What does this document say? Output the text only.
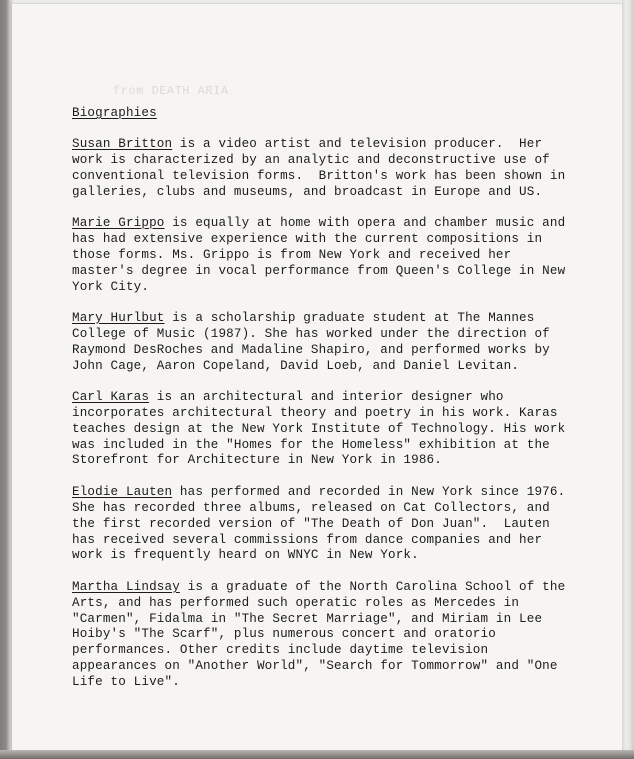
from DEATH ARIA
Biographies
Susan Britton is a video artist and television producer.  Her
work is characterized by an analytic and deconstructive use of
conventional television forms.  Britton's work has been shown in
galleries, clubs and museums, and broadcast in Europe and US.
Marie Grippo is equally at home with opera and chamber music and
has had extensive experience with the current compositions in
those forms. Ms. Grippo is from New York and received her
master's degree in vocal performance from Queen's College in New
York City.
Mary Hurlbut is a scholarship graduate student at The Mannes
College of Music (1987). She has worked under the direction of
Raymond DesRoches and Madaline Shapiro, and performed works by
John Cage, Aaron Copeland, David Loeb, and Daniel Levitan.
Carl Karas is an architectural and interior designer who
incorporates architectural theory and poetry in his work. Karas
teaches design at the New York Institute of Technology. His work
was included in the "Homes for the Homeless" exhibition at the
Storefront for Architecture in New York in 1986.
Elodie Lauten has performed and recorded in New York since 1976.
She has recorded three albums, released on Cat Collectors, and
the first recorded version of "The Death of Don Juan".  Lauten
has received several commissions from dance companies and her
work is frequently heard on WNYC in New York.
Martha Lindsay is a graduate of the North Carolina School of the
Arts, and has performed such operatic roles as Mercedes in
"Carmen", Fidalma in "The Secret Marriage", and Miriam in Lee
Hoiby's "The Scarf", plus numerous concert and oratorio
performances. Other credits include daytime television
appearances on "Another World", "Search for Tommorrow" and "One
Life to Live".
